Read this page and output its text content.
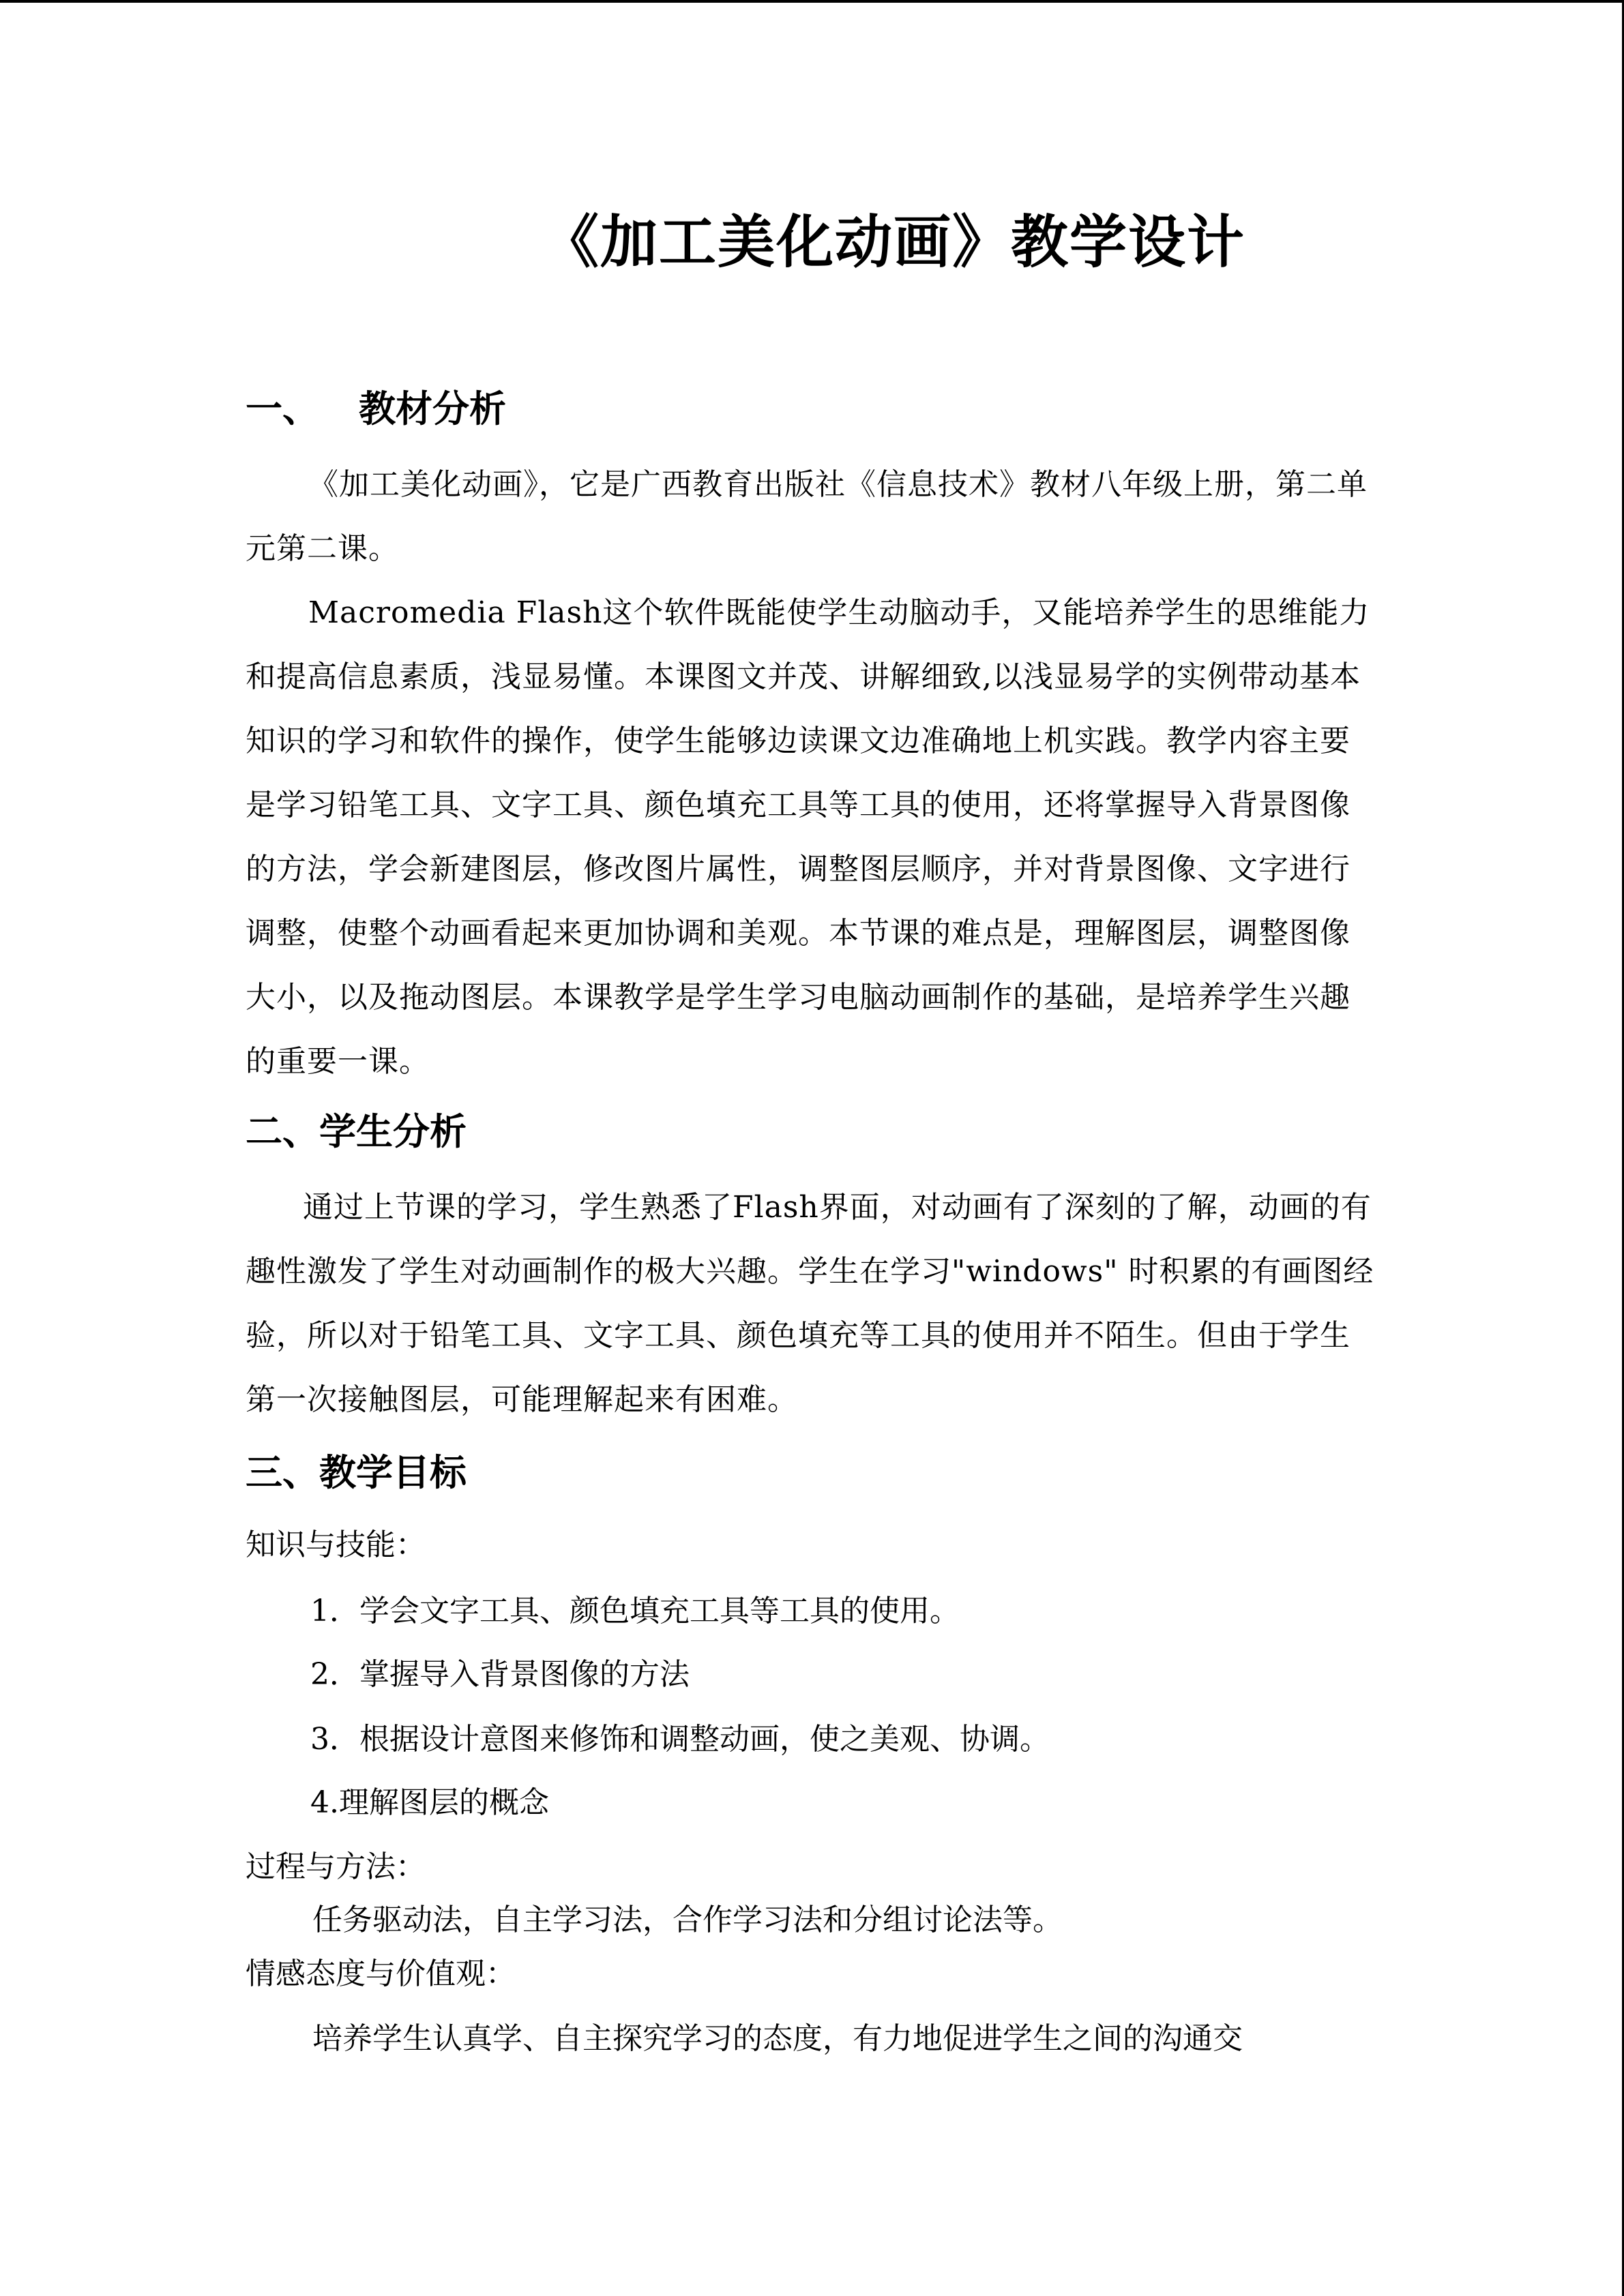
《加工美化动画》教学设计
一、 教材分析

《加工美化动画》，它是广西教育出版社《信息技术》教材八年级上册，第二单元第二课。

Macromedia Flash这个软件既能使学生动脑动手，又能培养学生的思维能力和提高信息素质，浅显易懂。本课图文并茂、讲解细致,以浅显易学的实例带动基本知识的学习和软件的操作，使学生能够边读课文边准确地上机实践。教学内容主要是学习铅笔工具、文字工具、颜色填充工具等工具的使用，还将掌握导入背景图像的方法，学会新建图层，修改图片属性，调整图层顺序，并对背景图像、文字进行调整，使整个动画看起来更加协调和美观。本节课的难点是，理解图层，调整图像大小，以及拖动图层。本课教学是学生学习电脑动画制作的基础，是培养学生兴趣的重要一课。

二、学生分析

通过上节课的学习，学生熟悉了Flash界面，对动画有了深刻的了解，动画的有趣性激发了学生对动画制作的极大兴趣。学生在学习"windows" 时积累的有画图经验，所以对于铅笔工具、文字工具、颜色填充等工具的使用并不陌生。但由于学生第一次接触图层，可能理解起来有困难。

三、教学目标
知识与技能：
1．学会文字工具、颜色填充工具等工具的使用。
2．掌握导入背景图像的方法
3．根据设计意图来修饰和调整动画，使之美观、协调。
4.理解图层的概念
过程与方法：
任务驱动法，自主学习法，合作学习法和分组讨论法等。
情感态度与价值观：
培养学生认真学、自主探究学习的态度，有力地促进学生之间的沟通交
